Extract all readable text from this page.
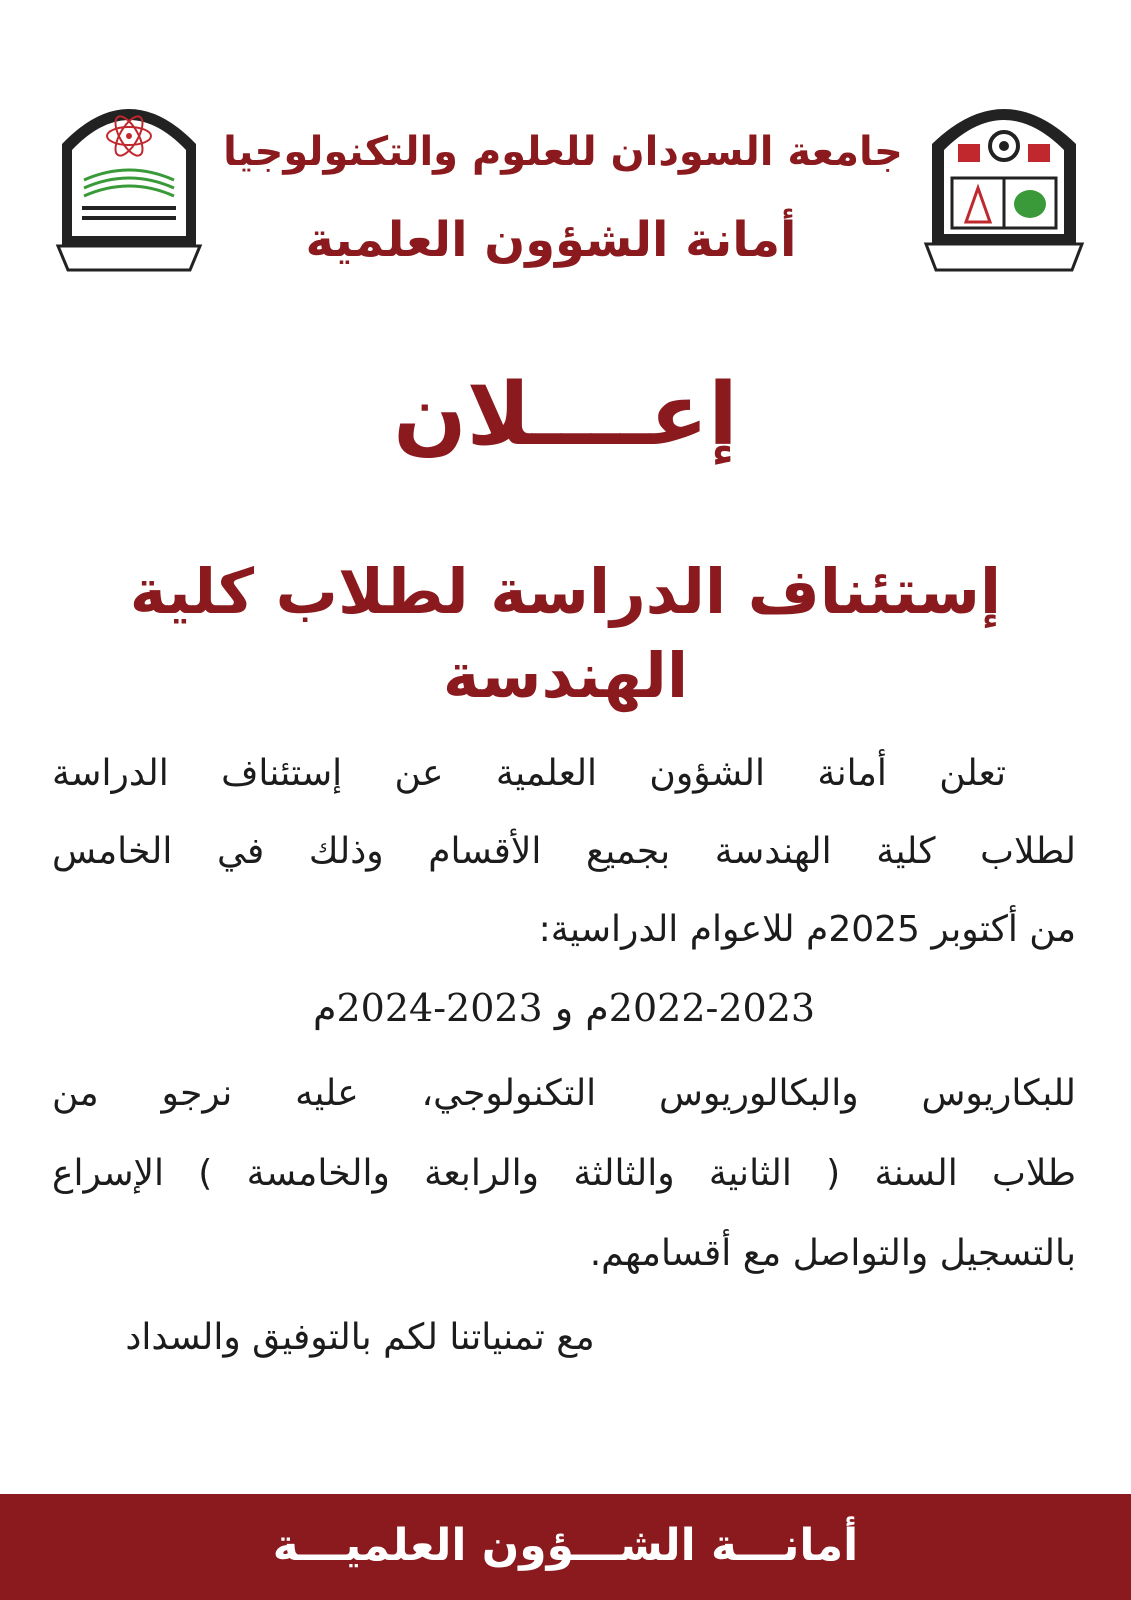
جامعة السودان للعلوم والتكنولوجيا
أمانة الشؤون العلمية
إعــــلان
إستئناف الدراسة لطلاب كلية الهندسة
تعلن أمانة الشؤون العلمية عن إستئناف الدراسة
لطلاب كلية الهندسة بجميع الأقسام وذلك في الخامس
من أكتوبر 2025م للاعوام الدراسية:
2022-2023م و 2023-2024م
للبكاريوس والبكالوريوس التكنولوجي، عليه نرجو من
طلاب السنة ( الثانية والثالثة والرابعة والخامسة ) الإسراع
بالتسجيل والتواصل مع أقسامهم.
مع تمنياتنا لكم بالتوفيق والسداد
أمانـــة الشـــؤون العلميـــة
